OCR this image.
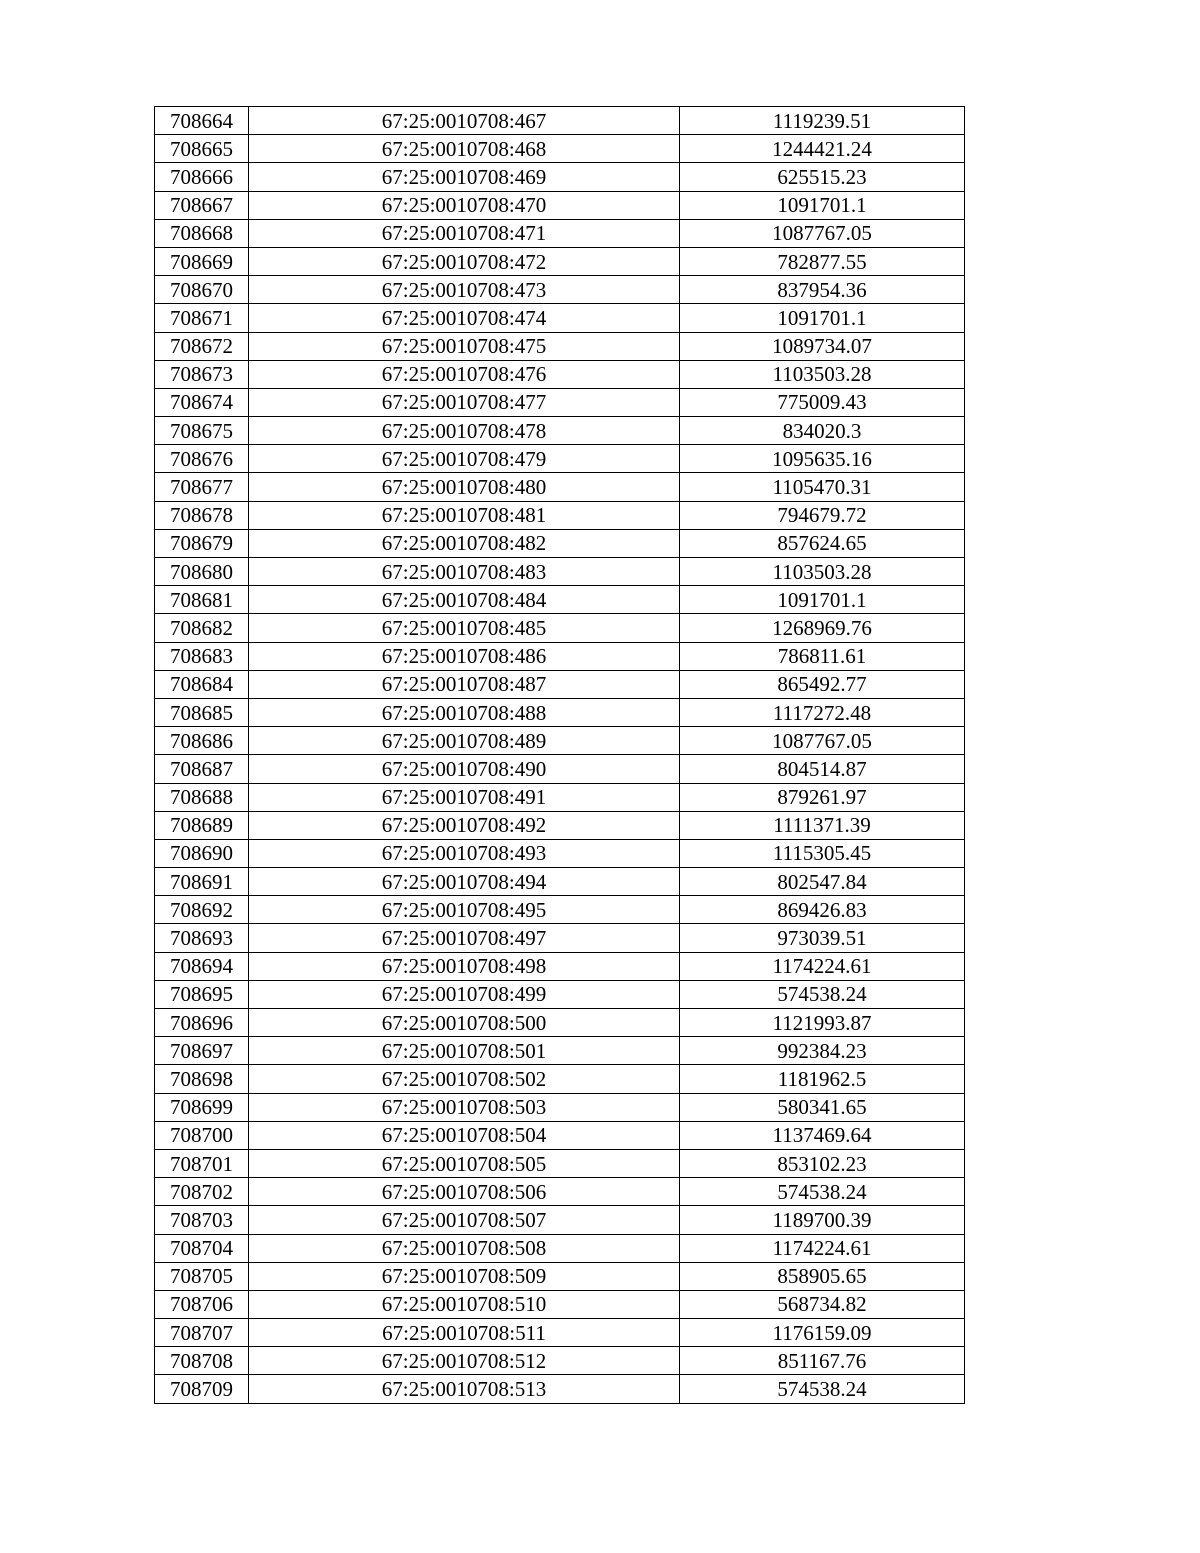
708664	67:25:0010708:467	1119239.51
708665	67:25:0010708:468	1244421.24
708666	67:25:0010708:469	625515.23
708667	67:25:0010708:470	1091701.1
708668	67:25:0010708:471	1087767.05
708669	67:25:0010708:472	782877.55
708670	67:25:0010708:473	837954.36
708671	67:25:0010708:474	1091701.1
708672	67:25:0010708:475	1089734.07
708673	67:25:0010708:476	1103503.28
708674	67:25:0010708:477	775009.43
708675	67:25:0010708:478	834020.3
708676	67:25:0010708:479	1095635.16
708677	67:25:0010708:480	1105470.31
708678	67:25:0010708:481	794679.72
708679	67:25:0010708:482	857624.65
708680	67:25:0010708:483	1103503.28
708681	67:25:0010708:484	1091701.1
708682	67:25:0010708:485	1268969.76
708683	67:25:0010708:486	786811.61
708684	67:25:0010708:487	865492.77
708685	67:25:0010708:488	1117272.48
708686	67:25:0010708:489	1087767.05
708687	67:25:0010708:490	804514.87
708688	67:25:0010708:491	879261.97
708689	67:25:0010708:492	1111371.39
708690	67:25:0010708:493	1115305.45
708691	67:25:0010708:494	802547.84
708692	67:25:0010708:495	869426.83
708693	67:25:0010708:497	973039.51
708694	67:25:0010708:498	1174224.61
708695	67:25:0010708:499	574538.24
708696	67:25:0010708:500	1121993.87
708697	67:25:0010708:501	992384.23
708698	67:25:0010708:502	1181962.5
708699	67:25:0010708:503	580341.65
708700	67:25:0010708:504	1137469.64
708701	67:25:0010708:505	853102.23
708702	67:25:0010708:506	574538.24
708703	67:25:0010708:507	1189700.39
708704	67:25:0010708:508	1174224.61
708705	67:25:0010708:509	858905.65
708706	67:25:0010708:510	568734.82
708707	67:25:0010708:511	1176159.09
708708	67:25:0010708:512	851167.76
708709	67:25:0010708:513	574538.24
